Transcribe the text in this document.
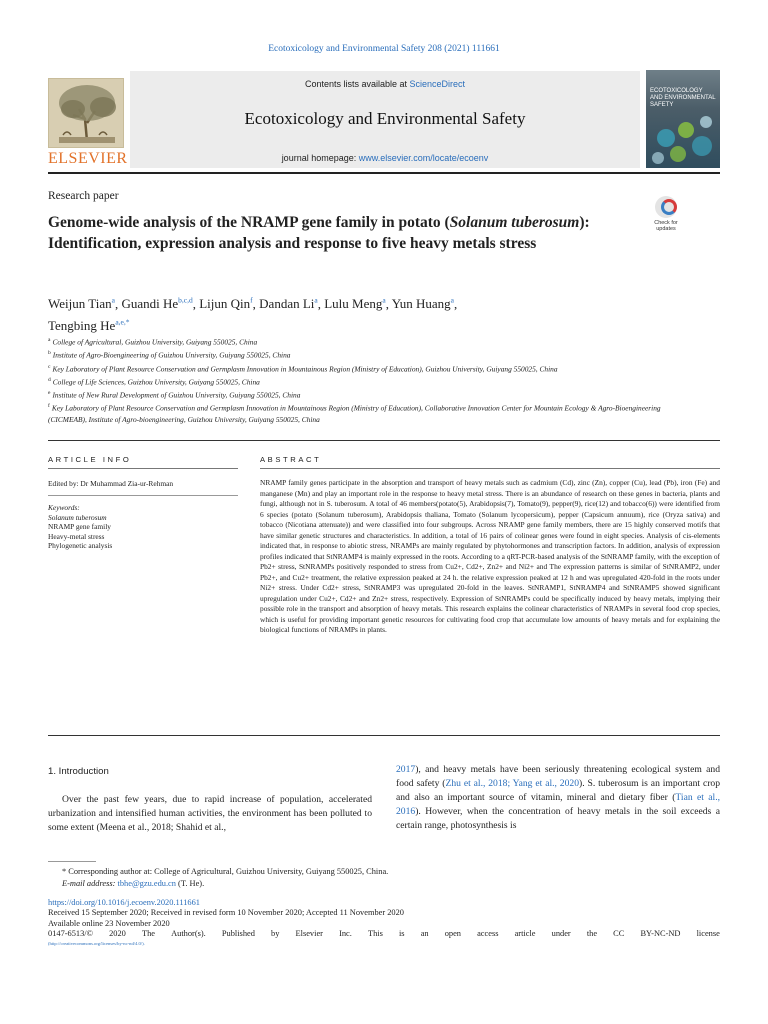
Ecotoxicology and Environmental Safety 208 (2021) 111661
ELSEVIER
Contents lists available at ScienceDirect
Ecotoxicology and Environmental Safety
journal homepage: www.elsevier.com/locate/ecoenv
ECOTOXICOLOGY AND ENVIRONMENTAL SAFETY
Research paper
Genome-wide analysis of the NRAMP gene family in potato (Solanum tuberosum): Identification, expression analysis and response to five heavy metals stress
Check for updates
Weijun Tian$^a$, Guandi He$^{b,c,d}$, Lijun Qin$^f$, Dandan Li$^a$, Lulu Meng$^a$, Yun Huang$^a$,
Tengbing $He^{a,e,*}$
$^a$ College of Agricultural, Guizhou University, Guiyang 550025, China
$^b$ Institute of Agro-Bioengineering of Guizhou University, Guiyang 550025, China
$^c$ Key Laboratory of Plant Resource Conservation and Germplasm Innovation in Mountainous Region (Ministry of Education), Guizhou University, Guiyang 550025, China
$^d$ College of Life Sciences, Guizhou University, Guiyang 550025, China
$^e$ Institute of New Rural Development of Guizhou University, Guiyang 550025, China
$^f$ Key Laboratory of Plant Resource Conservation and Germplasm Innovation in Mountainous Region (Ministry of Education), Collaborative Innovation Center for Mountain Ecology & Agro-Bioengineering (CICMEAB), Institute of Agro-bioengineering, Guizhou University, Guiyang 550025, China
ARTICLE INFO	ABSTRACT
Edited by: Dr Muhammad Zia-ur-Rehman
Keywords:
Solanum tuberosum
NRAMP gene family
Heavy-metal stress
Phylogenetic analysis

NRAMP family genes participate in the absorption and transport of heavy metals such as cadmium (Cd), zinc (Zn), copper (Cu), lead (Pb), iron (Fe) and manganese (Mn) and play an important role in the response to heavy metal stress. There is an abundance of research on these genes in bacteria, plants and fungi, although not in S. tuberosum. A total of 46 members(potato(5), Arabidopsis(7), Tomato(9), pepper(9), rice(12) and tobacco(6)) were identified from 6 species (potato (Solanum tuberosum), Arabidopsis thaliana, Tomato (Solanum lycopersicum), pepper (Capsicum annuum), rice (Oryza sativa) and tobacco (Nicotiana attenuate)) and were classified into four subgroups. Across NRAMP gene family members, there are 15 highly conserved motifs that have similar genetic structures and characteristics. In addition, a total of 16 pairs of colinear genes were found in eight species. Analysis of cis-elements indicated that, in response to abiotic stress, NRAMPs are mainly regulated by phytohormones and transcription factors. In addition, analysis of expression profiles indicated that StNRAMP4 is mainly expressed in the roots. According to a qRT-PCR-based analysis of the StNRAMP family, with the exception of Pb2+ stress, StNRAMPs positively responded to stress from Cu2+, Cd2+, Zn2+ and Ni2+ and The expression patterns is similar of StNRAMP2, under Pb2+, and Cu2+ treatment, the relative expression peaked at 24 h. the relative expression peaked at 12 h and was upregulated 420-fold in the roots under Ni2+ stress. Under Cd2+ stress, StNRAMP3 was upregulated 20-fold in the leaves. StNRAMP1, StNRAMP4 and StNRAMP5 showed significant upregulation under Cu2+, Cd2+ and Zn2+ stress, respectively. Expression of StNRAMPs could be specifically induced by heavy metals, implying their possible role in the transport and absorption of heavy metals. This research explains the colinear characteristics of NRAMPs in several food crop species, which is useful for providing important genetic resources for cultivating food crop that accumulate low amounts of heavy metals and for explaining the biological functions of NRAMPs in plants.

1. Introduction
Over the past few years, due to rapid increase of population, accelerated urbanization and intensified human activities, the environment has been polluted to some extent (Meena et al., 2018; Shahid et al.,
2017), and heavy metals have been seriously threatening ecological system and food safety (Zhu et al., 2018; Yang et al., 2020). S. tuberosum is an important crop and also an important source of vitamin, mineral and dietary fiber (Tian et al., 2016). However, when the concentration of heavy metals in the soil exceeds a certain range, photosynthesis is
* Corresponding author at: College of Agricultural, Guizhou University, Guiyang 550025, China.
E-mail address: tbhe@gzu.edu.cn (T. He).
https://doi.org/10.1016/j.ecoenv.2020.111661
Received 15 September 2020; Received in revised form 10 November 2020; Accepted 11 November 2020
Available online 23 November 2020
0147-6513/© 2020 The Author(s). Published by Elsevier Inc. This is an open access article under the CC BY-NC-ND license
(http://creativecommons.org/licenses/by-nc-nd/4.0/).
